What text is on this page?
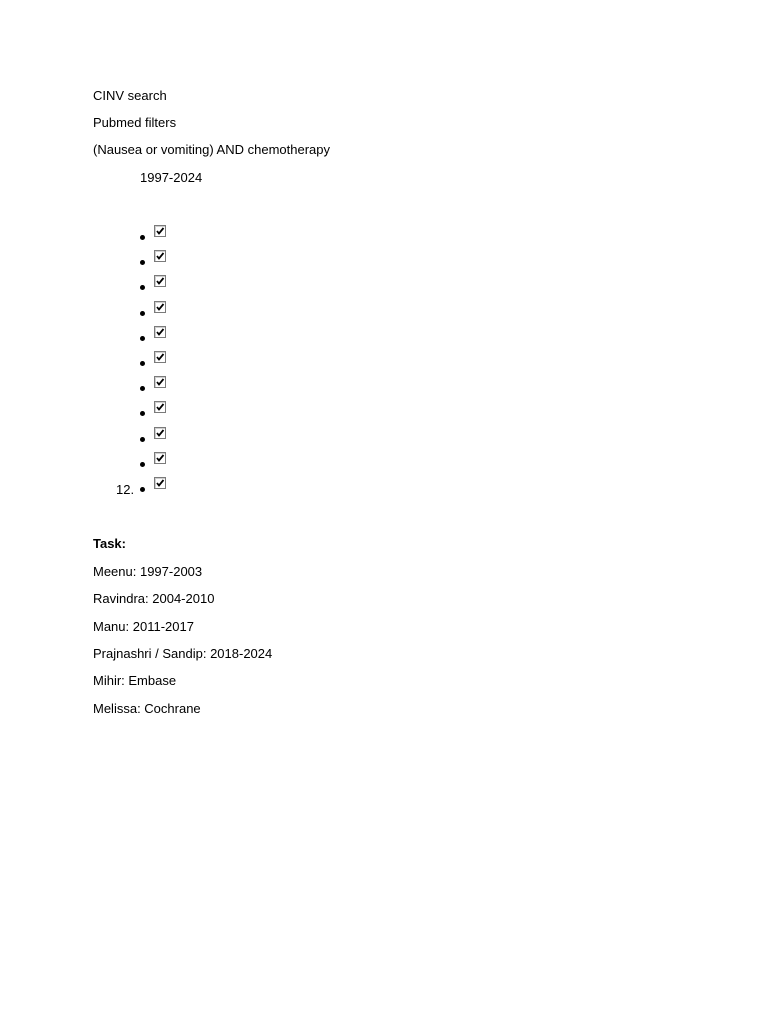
CINV search
Pubmed filters
(Nausea or vomiting) AND chemotherapy
1997-2024
12.
Task:
Meenu: 1997-2003
Ravindra: 2004-2010
Manu: 2011-2017
Prajnashri / Sandip: 2018-2024
Mihir: Embase
Melissa: Cochrane
